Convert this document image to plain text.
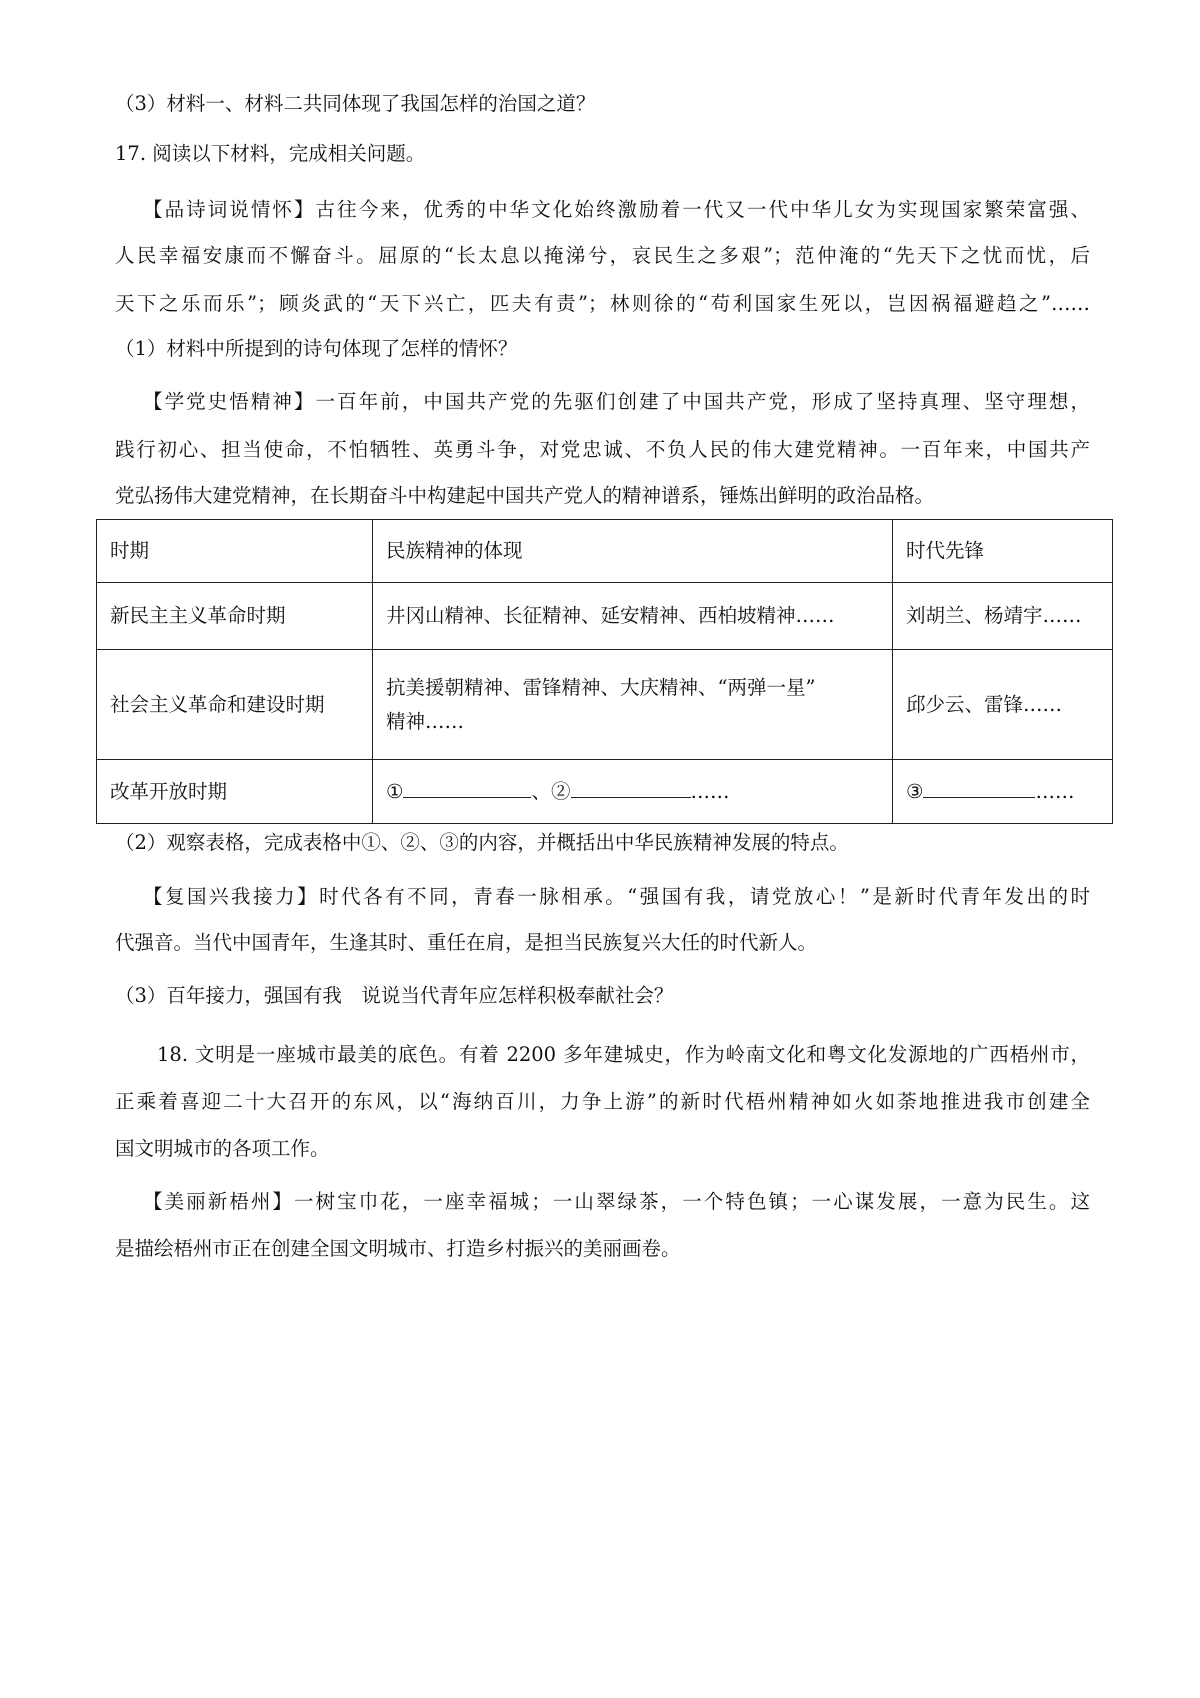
（3）材料一、材料二共同体现了我国怎样的治国之道？
17. 阅读以下材料，完成相关问题。
【品诗词说情怀】古往今来，优秀的中华文化始终激励着一代又一代中华儿女为实现国家繁荣富强、
人民幸福安康而不懈奋斗。屈原的“长太息以掩涕兮，哀民生之多艰”；范仲淹的“先天下之忧而忧，后
天下之乐而乐”；顾炎武的“天下兴亡，匹夫有责”；林则徐的“苟利国家生死以，岂因祸福避趋之”……
（1）材料中所提到的诗句体现了怎样的情怀？
【学党史悟精神】一百年前，中国共产党的先驱们创建了中国共产党，形成了坚持真理、坚守理想，
践行初心、担当使命，不怕牺牲、英勇斗争，对党忠诚、不负人民的伟大建党精神。一百年来，中国共产
党弘扬伟大建党精神，在长期奋斗中构建起中国共产党人的精神谱系，锤炼出鲜明的政治品格。
时期	民族精神的体现	时代先锋
新民主主义革命时期	井冈山精神、长征精神、延安精神、西柏坡精神……	刘胡兰、杨靖宇……
社会主义革命和建设时期	抗美援朝精神、雷锋精神、大庆精神、“两弹一星”
精神……	邱少云、雷锋……
改革开放时期	① 、② ……	③ ……
（2）观察表格，完成表格中①、②、③的内容，并概括出中华民族精神发展的特点。
【复国兴我接力】时代各有不同，青春一脉相承。“强国有我，请党放心！”是新时代青年发出的时
代强音。当代中国青年，生逢其时、重任在肩，是担当民族复兴大任的时代新人。
（3）百年接力，强国有我　说说当代青年应怎样积极奉献社会？
18. 文明是一座城市最美的底色。有着 2200 多年建城史，作为岭南文化和粤文化发源地的广西梧州市，
正乘着喜迎二十大召开的东风，以“海纳百川，力争上游”的新时代梧州精神如火如荼地推进我市创建全
国文明城市的各项工作。
【美丽新梧州】一树宝巾花，一座幸福城；一山翠绿茶，一个特色镇；一心谋发展，一意为民生。这
是描绘梧州市正在创建全国文明城市、打造乡村振兴的美丽画卷。
